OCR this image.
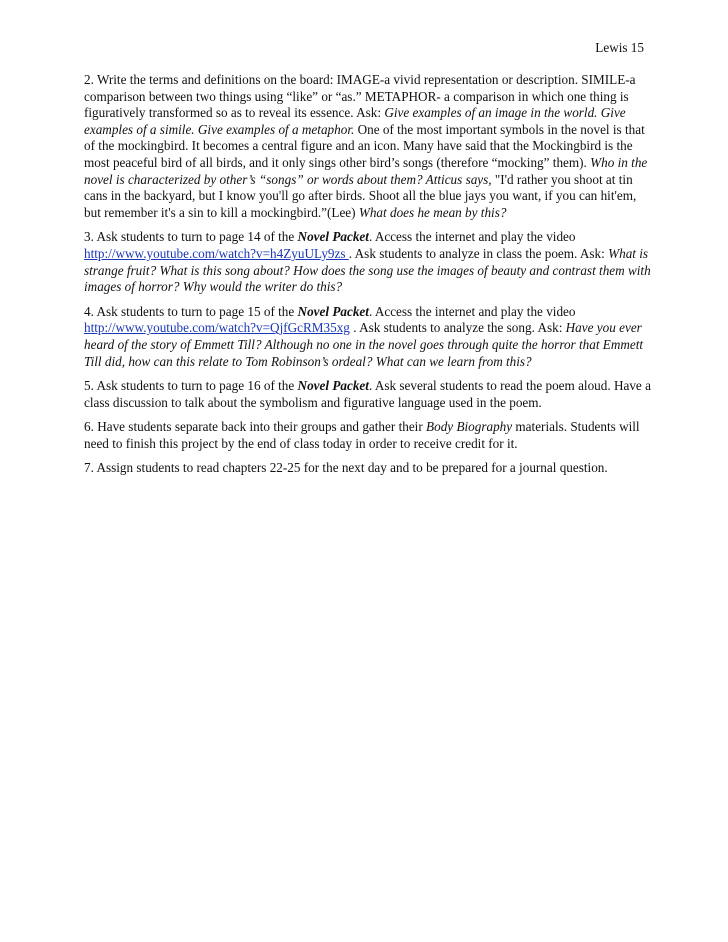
Lewis 15

2. Write the terms and definitions on the board: IMAGE-a vivid representation or description. SIMILE-a comparison between two things using “like” or “as.” METAPHOR- a comparison in which one thing is figuratively transformed so as to reveal its essence. Ask: Give examples of an image in the world. Give examples of a simile. Give examples of a metaphor. One of the most important symbols in the novel is that of the mockingbird. It becomes a central figure and an icon. Many have said that the Mockingbird is the most peaceful bird of all birds, and it only sings other bird’s songs (therefore “mocking” them). Who in the novel is characterized by other’s “songs” or words about them? Atticus says, "I'd rather you shoot at tin cans in the backyard, but I know you'll go after birds. Shoot all the blue jays you want, if you can hit'em, but remember it's a sin to kill a mockingbird.”(Lee) What does he mean by this?

3. Ask students to turn to page 14 of the Novel Packet. Access the internet and play the video http://www.youtube.com/watch?v=h4ZyuULy9zs . Ask students to analyze in class the poem. Ask: What is strange fruit? What is this song about? How does the song use the images of beauty and contrast them with images of horror? Why would the writer do this?

4. Ask students to turn to page 15 of the Novel Packet. Access the internet and play the video http://www.youtube.com/watch?v=QjfGcRM35xg . Ask students to analyze the song. Ask: Have you ever heard of the story of Emmett Till? Although no one in the novel goes through quite the horror that Emmett Till did, how can this relate to Tom Robinson’s ordeal? What can we learn from this?

5. Ask students to turn to page 16 of the Novel Packet. Ask several students to read the poem aloud. Have a class discussion to talk about the symbolism and figurative language used in the poem.

6. Have students separate back into their groups and gather their Body Biography materials. Students will need to finish this project by the end of class today in order to receive credit for it.

7. Assign students to read chapters 22-25 for the next day and to be prepared for a journal question.
